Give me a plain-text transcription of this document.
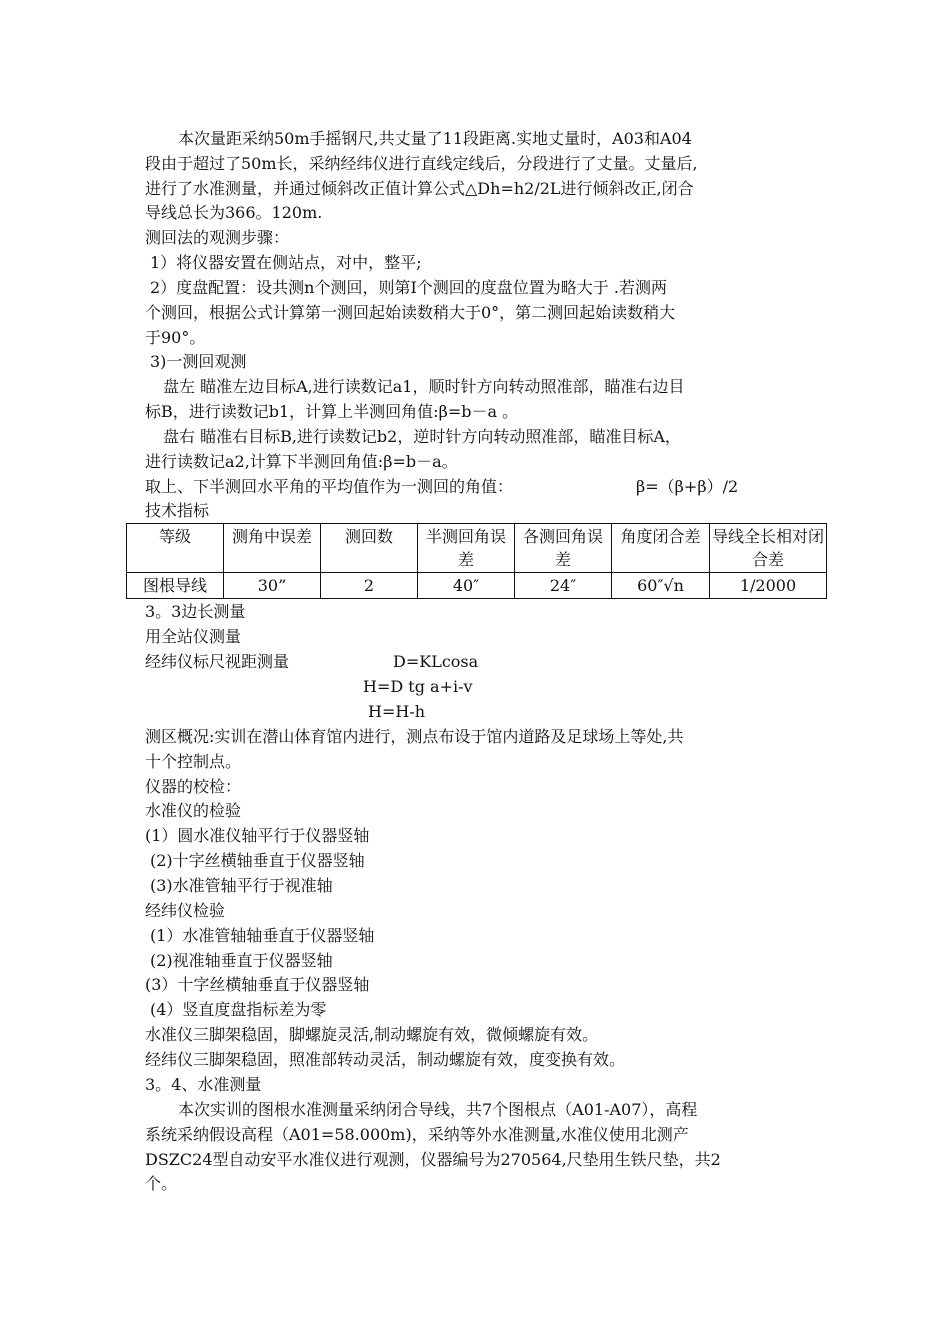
本次量距采纳50m手摇钢尺,共丈量了11段距离.实地丈量时，A03和A04
段由于超过了50m长，采纳经纬仪进行直线定线后，分段进行了丈量。丈量后,
进行了水准测量，并通过倾斜改正值计算公式△Dh=h2/2L进行倾斜改正,闭合
导线总长为366。120m.
测回法的观测步骤：
1）将仪器安置在侧站点，对中，整平;
2）度盘配置：设共测n个测回，则第I个测回的度盘位置为略大于 .若测两
个测回，根据公式计算第一测回起始读数稍大于0°，第二测回起始读数稍大
于90°。
3)一测回观测
盘左 瞄准左边目标A,进行读数记a1，顺时针方向转动照准部，瞄准右边目
标B，进行读数记b1，计算上半测回角值:β=b－a 。
盘右 瞄准右目标B,进行读数记b2，逆时针方向转动照准部，瞄准目标A，
进行读数记a2,计算下半测回角值:β=b－a。
取上、下半测回水平角的平均值作为一测回的角值：	β=（β+β）/2
技术指标
等级	测角中误差	测回数	半测回角误差	各测回角误差	角度闭合差	导线全长相对闭合差
图根导线	30”	2	40″	24″	60″√n	1/2000
3。3边长测量
用全站仪测量
经纬仪标尺视距测量	D=KLcosa
H=D tg a+i-v
H=H-h
测区概况:实训在潜山体育馆内进行，测点布设于馆内道路及足球场上等处,共
十个控制点。
仪器的校检：
水准仪的检验
(1）圆水准仪轴平行于仪器竖轴
(2)十字丝横轴垂直于仪器竖轴
(3)水准管轴平行于视准轴
经纬仪检验
(1）水准管轴轴垂直于仪器竖轴
(2)视准轴垂直于仪器竖轴
(3）十字丝横轴垂直于仪器竖轴
(4）竖直度盘指标差为零
水准仪三脚架稳固，脚螺旋灵活,制动螺旋有效，微倾螺旋有效。
经纬仪三脚架稳固，照准部转动灵活，制动螺旋有效，度变换有效。
3。4、水准测量
本次实训的图根水准测量采纳闭合导线，共7个图根点（A01-A07），高程
系统采纳假设高程（A01=58.000m)，采纳等外水准测量,水准仪使用北测产
DSZC24型自动安平水准仪进行观测，仪器编号为270564,尺垫用生铁尺垫，共2
个。
